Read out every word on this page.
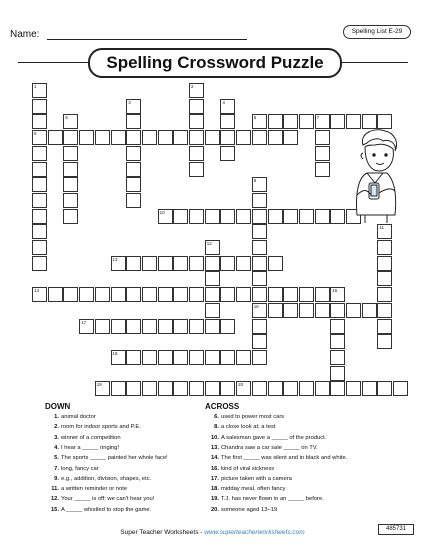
Name:	Spelling List E-29
Spelling Crossword Puzzle
1
8
2
3	4
5	6	7
9
16
10
11
12
13
14	15
17
18
19	20
DOWN
1. animal doctor
2. room for indoor sports and P.E.
3. winner of a competition
4. I hear a _____ ringing!
5. The sports _____ painted her whole face!
7. long, fancy car
9. e.g., addition, division, shapes, etc.
11. a written reminder or note
12. Your _____ is off; we can't hear you!
15. A _____ whistled to stop the game.
ACROSS
6. used to power most cars
8. a close look at; a test
10. A salesman gave a _____ of the product.
13. Chandra saw a car sale _____ on TV.
14. The first _____ was silent and in black and white.
16. kind of viral sickness
17. picture taken with a camera
18. midday meal, often fancy
19. T.J. has never flown in an _____ before.
20. someone aged 13–19
Super Teacher Worksheets - www.superteacherworksheets.com	485731
